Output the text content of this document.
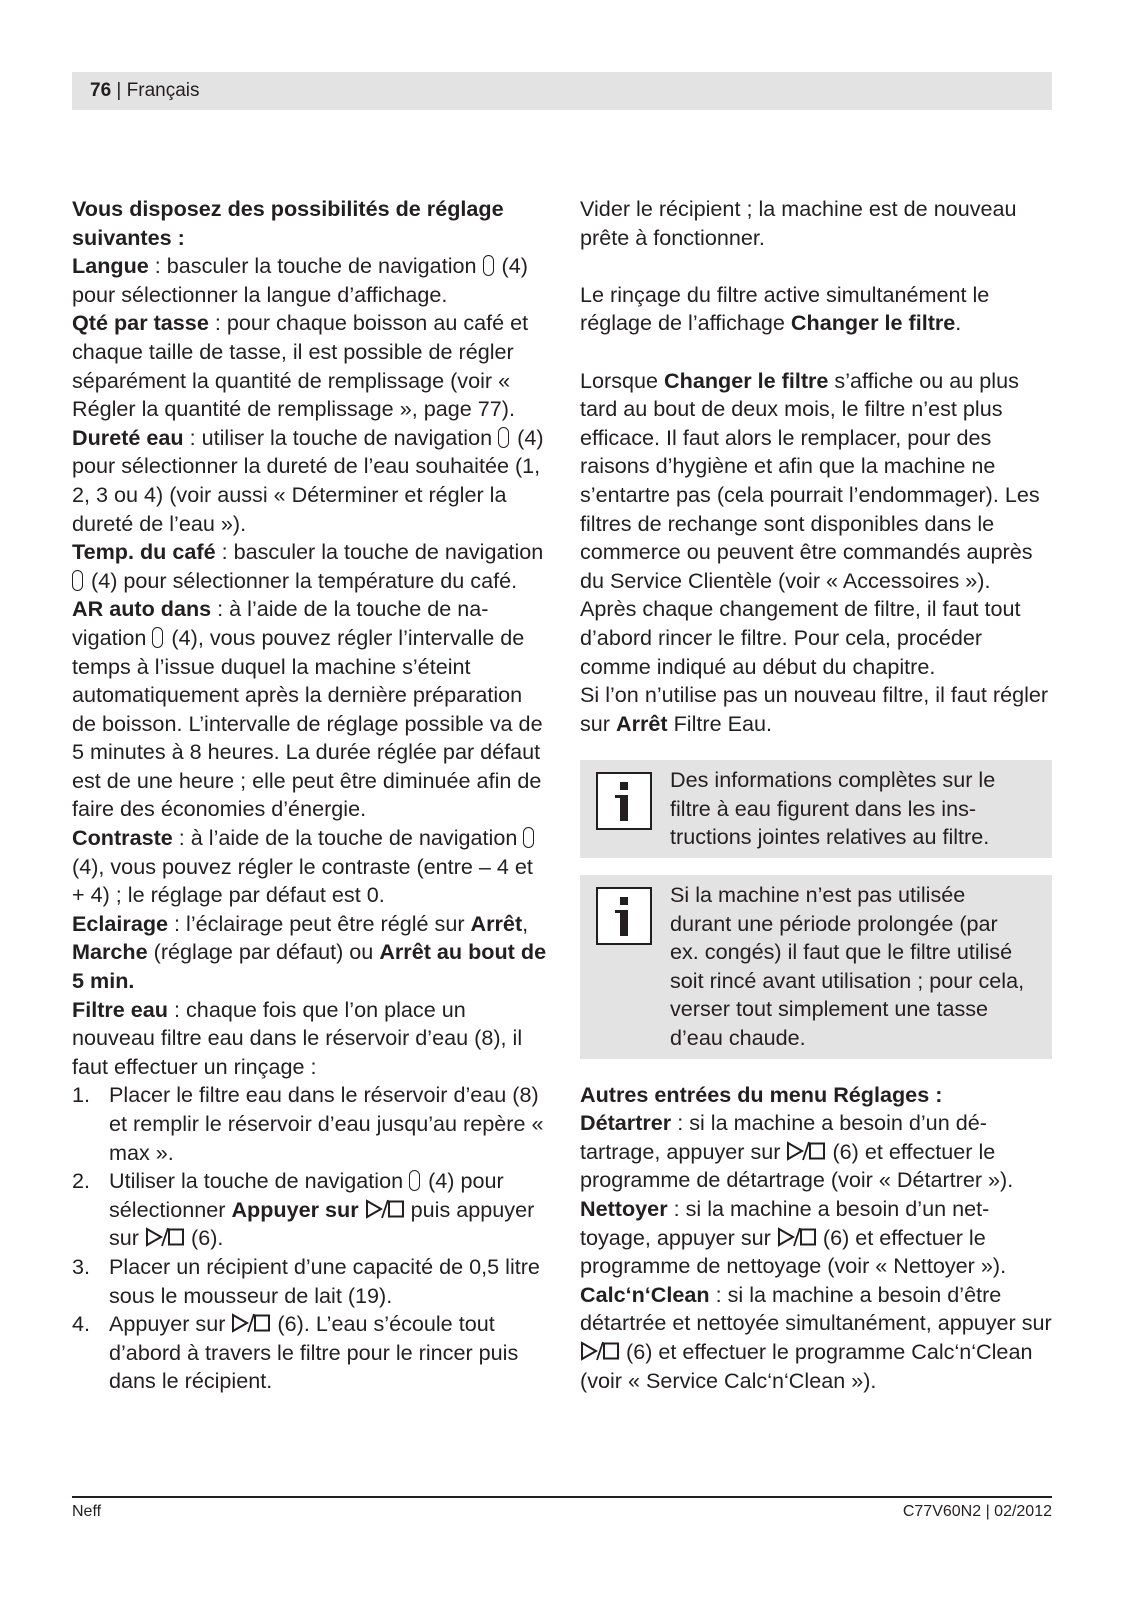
76 | Français

Vous disposez des possibilités de réglage suivantes :

Langue : basculer la touche de navigation  (4) pour sélectionner la langue d’affichage.

Qté par tasse : pour chaque boisson au café et chaque taille de tasse, il est possible de régler séparément la quantité de remplissage (voir « Régler la quantité de remplissage », page 77).

Dureté eau : utiliser la touche de navigation  (4) pour sélectionner la dureté de l’eau souhaitée (1, 2, 3 ou 4) (voir aussi « Déterminer et régler la dureté de l’eau »).

Temp. du café : basculer la touche de navigation  (4) pour sélectionner la température du café.

AR auto dans : à l’aide de la touche de navigation  (4), vous pouvez régler l’intervalle de temps à l’issue duquel la machine s’éteint automatiquement après la dernière préparation de boisson. L’intervalle de réglage possible va de 5 minutes à 8 heures. La durée réglée par défaut est de une heure ; elle peut être diminuée afin de faire des économies d’énergie.

Contraste : à l’aide de la touche de navigation  (4), vous pouvez régler le contraste (entre – 4 et + 4) ; le réglage par défaut est 0.

Eclairage : l’éclairage peut être réglé sur Arrêt, Marche (réglage par défaut) ou Arrêt au bout de 5 min.

Filtre eau : chaque fois que l’on place un nouveau filtre eau dans le réservoir d’eau (8), il faut effectuer un rinçage :

1. Placer le filtre eau dans le réservoir d’eau (8) et remplir le réservoir d’eau jusqu’au repère « max ».
2. Utiliser la touche de navigation  (4) pour sélectionner Appuyer sur
puis appuyer sur
(6).
3. Placer un récipient d’une capacité de 0,5 litre sous le mousseur de lait (19).
4. Appuyer sur
(6). L’eau s’écoule tout d’abord à travers le filtre pour le rincer puis dans le récipient.

Vider le récipient ; la machine est de nouveau prête à fonctionner.

Le rinçage du filtre active simultanément le réglage de l’affichage Changer le filtre.

Lorsque Changer le filtre s’affiche ou au plus tard au bout de deux mois, le filtre n’est plus efficace. Il faut alors le remplacer, pour des raisons d’hygiène et afin que la machine ne s’entartre pas (cela pourrait l’endommager). Les filtres de rechange sont disponibles dans le commerce ou peuvent être commandés auprès du Service Clientèle (voir « Accessoires »).

Après chaque changement de filtre, il faut tout d’abord rincer le filtre. Pour cela, procéder comme indiqué au début du chapitre.

Si l’on n’utilise pas un nouveau filtre, il faut régler sur Arrêt Filtre Eau.

Des informations complètes sur le filtre à eau figurent dans les instructions jointes relatives au filtre.
Si la machine n’est pas utilisée durant une période prolongée (par ex. congés) il faut que le filtre utilisé soit rincé avant utilisation ; pour cela, verser tout simplement une tasse d’eau chaude.

Autres entrées du menu Réglages :

Détartrer : si la machine a besoin d’un détartrage, appuyer sur
(6) et effectuer le programme de détartrage (voir « Détartrer »).

Nettoyer : si la machine a besoin d’un nettoyage, appuyer sur
(6) et effectuer le programme de nettoyage (voir « Nettoyer »).

Calc‘n‘Clean : si la machine a besoin d’être détartrée et nettoyée simultanément, appuyer sur
(6) et effectuer le programme Calc‘n‘Clean (voir « Service Calc‘n‘Clean »).

Neff	C77V60N2 | 02/2012
